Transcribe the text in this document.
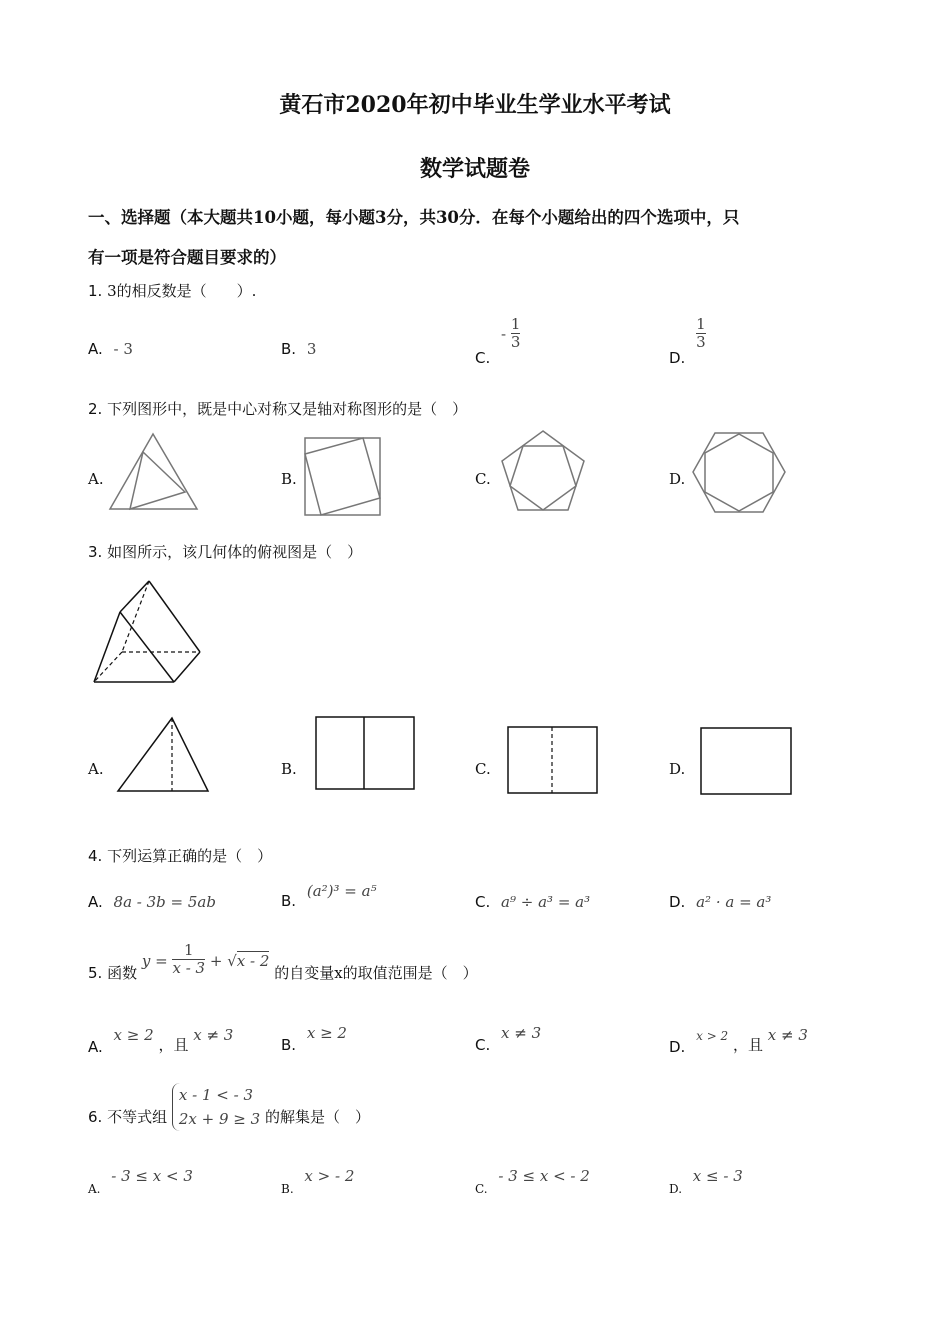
黄石市2020年初中毕业生学业水平考试
数学试题卷
一、选择题（本大题共10小题，每小题3分，共30分．在每个小题给出的四个选项中，只
有一项是符合题目要求的）
1. 3的相反数是（　　）.
A. - 3	B. 3	C. - $\frac{1}{3}$
D.
$\frac{1}{3}$
2. 下列图形中，既是中心对称又是轴对称图形的是（　）
A.	B.	C.	D.
3. 如图所示，该几何体的俯视图是（　）
A.	B.	C.	D.
4. 下列运算正确的是（　）
A. 8a - 3b = 5ab	B. (a²)³ = a⁵
C. a⁹ ÷ a³ = a³	D. a² · a = a³
5. 函数 $y = \frac{1}{x - 3} + √x - 2$ 的自变量x的取值范围是（　）
A. x ≥ 2 ，且 x ≠ 3
B. x ≥ 2
C. x ≠ 3
D. x > 2 ，且 x ≠ 3
6. 不等式组
x - 1 < - 3
2x + 9 ≥ 3 的解集是（　）
$_{A.}$ - 3 ≤ x < 3
$_{B.}$ x > - 2
$_{C.}$ - 3 ≤ x < - 2
$_{D.}$ x ≤ - 3
